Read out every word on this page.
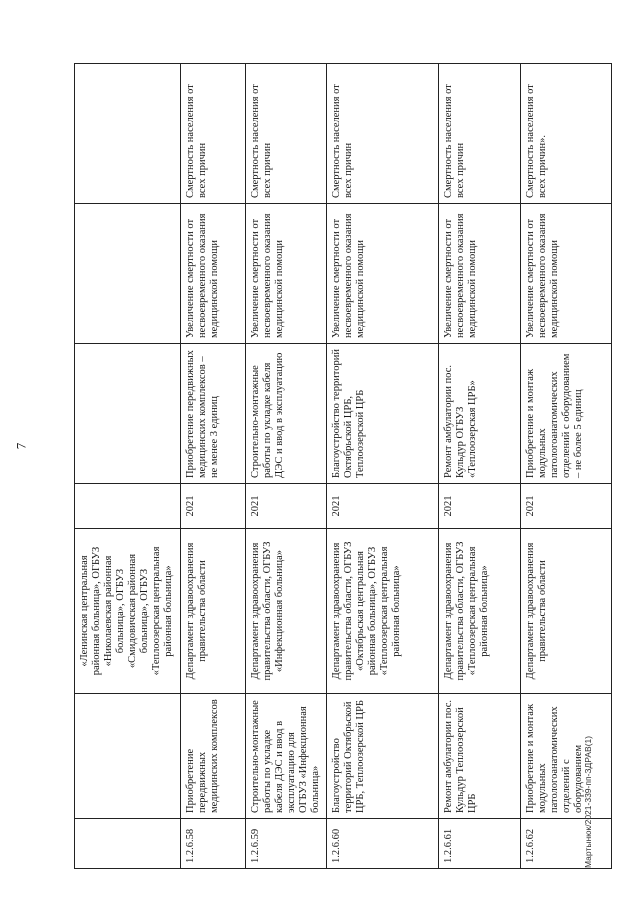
7
		«Ленинская центральная районная больница», ОГБУЗ «Николаевская районная больница», ОГБУЗ «Смидовичская районная больница», ОГБУЗ «Теплоозерская центральная районная больница»				
1.2.6.58	Приобретение передвижных медицинских комплексов	Департамент здравоохранения правительства области	2021	Приобретение передвижных медицинских комплексов – не менее 3 единиц	Увеличение смертности от несвоевременного оказания медицинской помощи	Смертность населения от всех причин
1.2.6.59	Строительно-монтажные работы по укладке кабеля ДЭС и ввод в эксплуатацию для ОГБУЗ «Инфекционная больница»	Департамент здравоохранения правительства области, ОГБУЗ «Инфекционная больница»	2021	Строительно-монтажные работы по укладке кабеля ДЭС и ввод в эксплуатацию	Увеличение смертности от несвоевременного оказания медицинской помощи	Смертность населения от всех причин
1.2.6.60	Благоустройство территорий Октябрьской ЦРБ, Теплоозерской ЦРБ	Департамент здравоохранения правительства области, ОГБУЗ «Октябрьская центральная районная больница», ОГБУЗ «Теплоозерская центральная районная больница»	2021	Благоустройство территорий Октябрьской ЦРБ, Теплоозерской ЦРБ	Увеличение смертности от несвоевременного оказания медицинской помощи	Смертность населения от всех причин
1.2.6.61	Ремонт амбулатории пос. Кульдур Теплоозерской ЦРБ	Департамент здравоохранения правительства области, ОГБУЗ «Теплоозерская центральная районная больница»	2021	Ремонт амбулатории пос. Кульдур ОГБУЗ «Теплоозерская ЦРБ»	Увеличение смертности от несвоевременного оказания медицинской помощи	Смертность населения от всех причин
1.2.6.62	Приобретение и монтаж модульных патологоанатомических отделений с оборудованием	Департамент здравоохранения правительства области	2021	Приобретение и монтаж модульных патологоанатомических отделений с оборудованием – не более 5 единиц	Увеличение смертности от несвоевременного оказания медицинской помощи	Смертность населения от всех причин».
Мартынюк/2021-339-пп-ЗДРАВ(1)
